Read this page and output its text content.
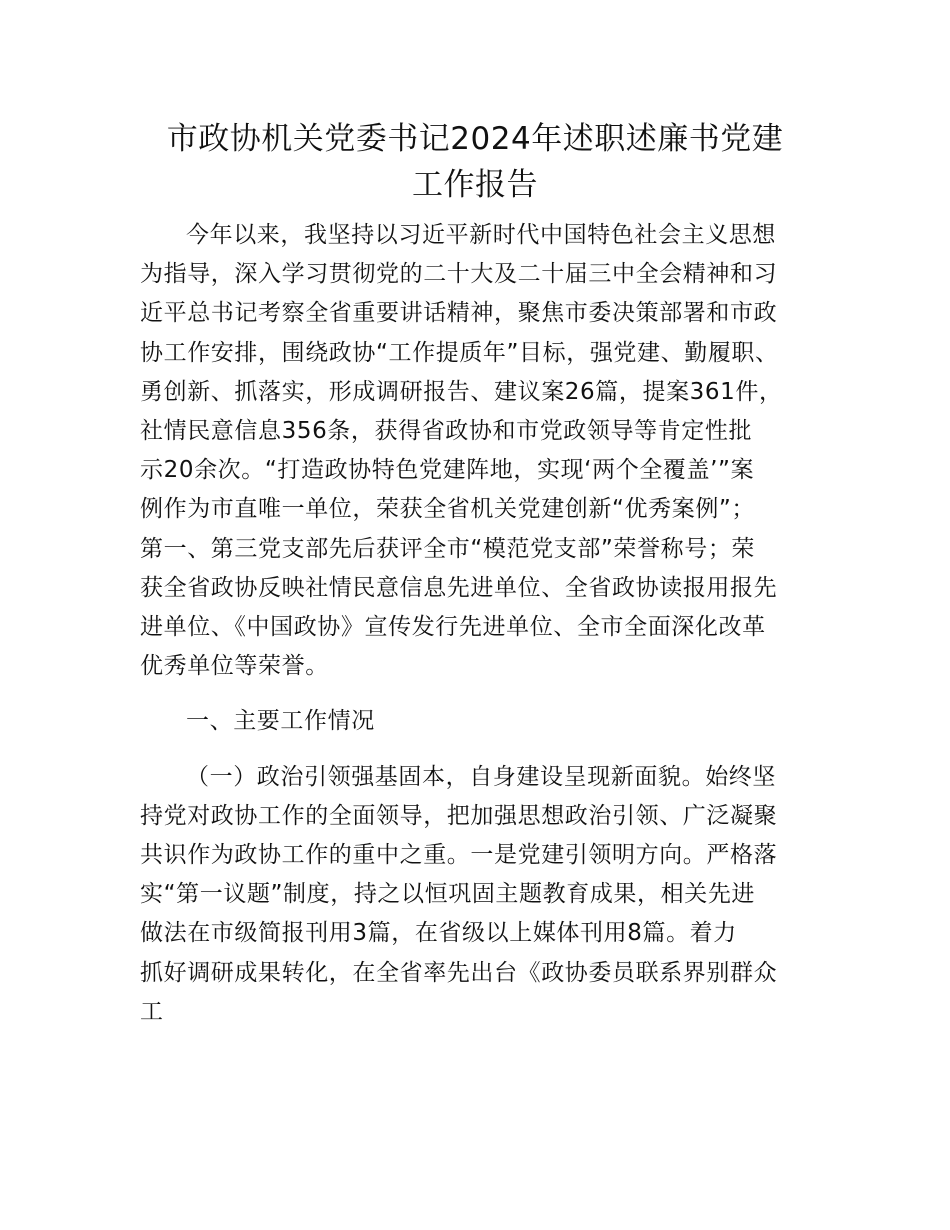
市政协机关党委书记2024年述职述廉书党建
工作报告

今年以来，我坚持以习近平新时代中国特色社会主义思想
为指导，深入学习贯彻党的二十大及二十届三中全会精神和习
近平总书记考察全省重要讲话精神，聚焦市委决策部署和市政
协工作安排，围绕政协“工作提质年”目标，强党建、勤履职、
勇创新、抓落实，形成调研报告、建议案26篇，提案361件，
社情民意信息356条，获得省政协和市党政领导等肯定性批
示20余次。“打造政协特色党建阵地，实现‘两个全覆盖’”案
例作为市直唯一单位，荣获全省机关党建创新“优秀案例”；
第一、第三党支部先后获评全市“模范党支部”荣誉称号；荣
获全省政协反映社情民意信息先进单位、全省政协读报用报先
进单位、《中国政协》宣传发行先进单位、全市全面深化改革
优秀单位等荣誉。

一、主要工作情况

（一）政治引领强基固本，自身建设呈现新面貌。始终坚
持党对政协工作的全面领导，把加强思想政治引领、广泛凝聚
共识作为政协工作的重中之重。一是党建引领明方向。严格落
实“第一议题”制度，持之以恒巩固主题教育成果，相关先进
做法在市级简报刊用3篇，在省级以上媒体刊用8篇。着力
抓好调研成果转化，在全省率先出台《政协委员联系界别群众
工
